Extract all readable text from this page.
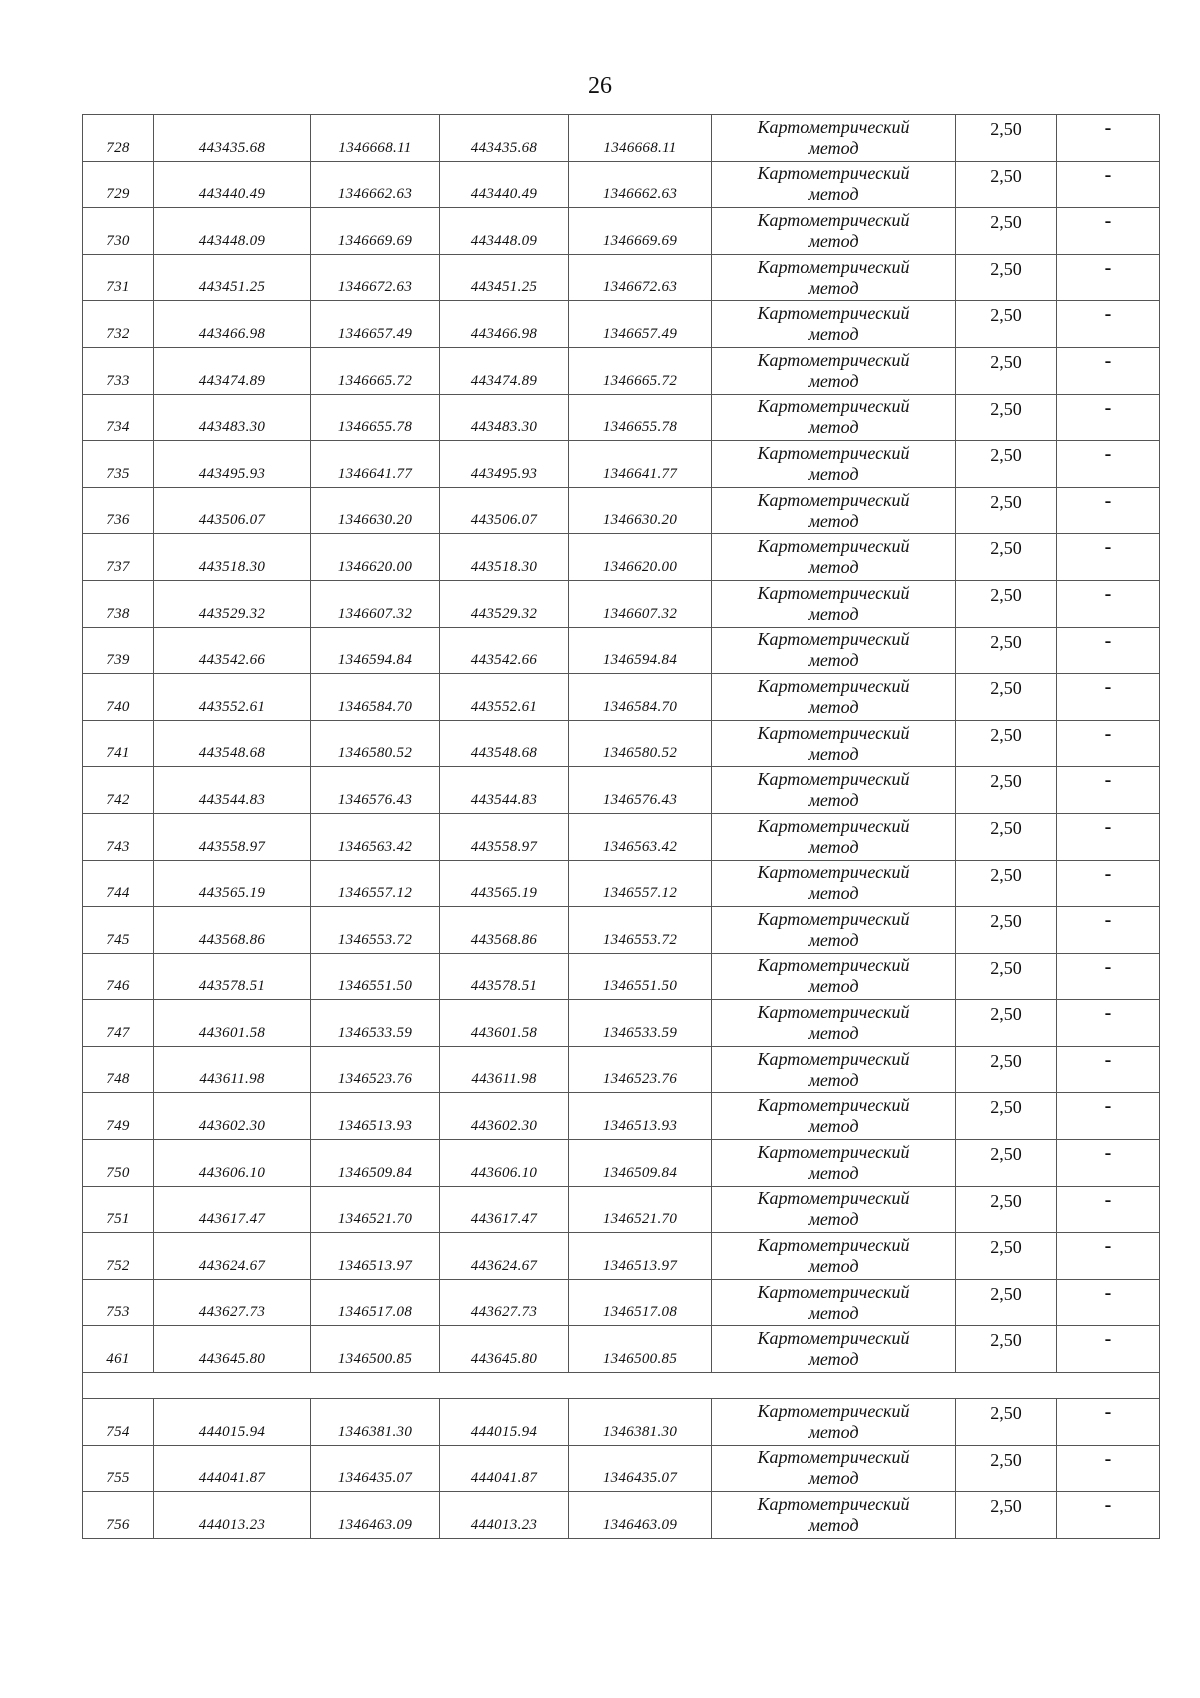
26
728	443435.68	1346668.11	443435.68	1346668.11	Картометрический
метод	2,50	-
729	443440.49	1346662.63	443440.49	1346662.63	Картометрический
метод	2,50	-
730	443448.09	1346669.69	443448.09	1346669.69	Картометрический
метод	2,50	-
731	443451.25	1346672.63	443451.25	1346672.63	Картометрический
метод	2,50	-
732	443466.98	1346657.49	443466.98	1346657.49	Картометрический
метод	2,50	-
733	443474.89	1346665.72	443474.89	1346665.72	Картометрический
метод	2,50	-
734	443483.30	1346655.78	443483.30	1346655.78	Картометрический
метод	2,50	-
735	443495.93	1346641.77	443495.93	1346641.77	Картометрический
метод	2,50	-
736	443506.07	1346630.20	443506.07	1346630.20	Картометрический
метод	2,50	-
737	443518.30	1346620.00	443518.30	1346620.00	Картометрический
метод	2,50	-
738	443529.32	1346607.32	443529.32	1346607.32	Картометрический
метод	2,50	-
739	443542.66	1346594.84	443542.66	1346594.84	Картометрический
метод	2,50	-
740	443552.61	1346584.70	443552.61	1346584.70	Картометрический
метод	2,50	-
741	443548.68	1346580.52	443548.68	1346580.52	Картометрический
метод	2,50	-
742	443544.83	1346576.43	443544.83	1346576.43	Картометрический
метод	2,50	-
743	443558.97	1346563.42	443558.97	1346563.42	Картометрический
метод	2,50	-
744	443565.19	1346557.12	443565.19	1346557.12	Картометрический
метод	2,50	-
745	443568.86	1346553.72	443568.86	1346553.72	Картометрический
метод	2,50	-
746	443578.51	1346551.50	443578.51	1346551.50	Картометрический
метод	2,50	-
747	443601.58	1346533.59	443601.58	1346533.59	Картометрический
метод	2,50	-
748	443611.98	1346523.76	443611.98	1346523.76	Картометрический
метод	2,50	-
749	443602.30	1346513.93	443602.30	1346513.93	Картометрический
метод	2,50	-
750	443606.10	1346509.84	443606.10	1346509.84	Картометрический
метод	2,50	-
751	443617.47	1346521.70	443617.47	1346521.70	Картометрический
метод	2,50	-
752	443624.67	1346513.97	443624.67	1346513.97	Картометрический
метод	2,50	-
753	443627.73	1346517.08	443627.73	1346517.08	Картометрический
метод	2,50	-
461	443645.80	1346500.85	443645.80	1346500.85	Картометрический
метод	2,50	-

754	444015.94	1346381.30	444015.94	1346381.30	Картометрический
метод	2,50	-
755	444041.87	1346435.07	444041.87	1346435.07	Картометрический
метод	2,50	-
756	444013.23	1346463.09	444013.23	1346463.09	Картометрический
метод	2,50	-
